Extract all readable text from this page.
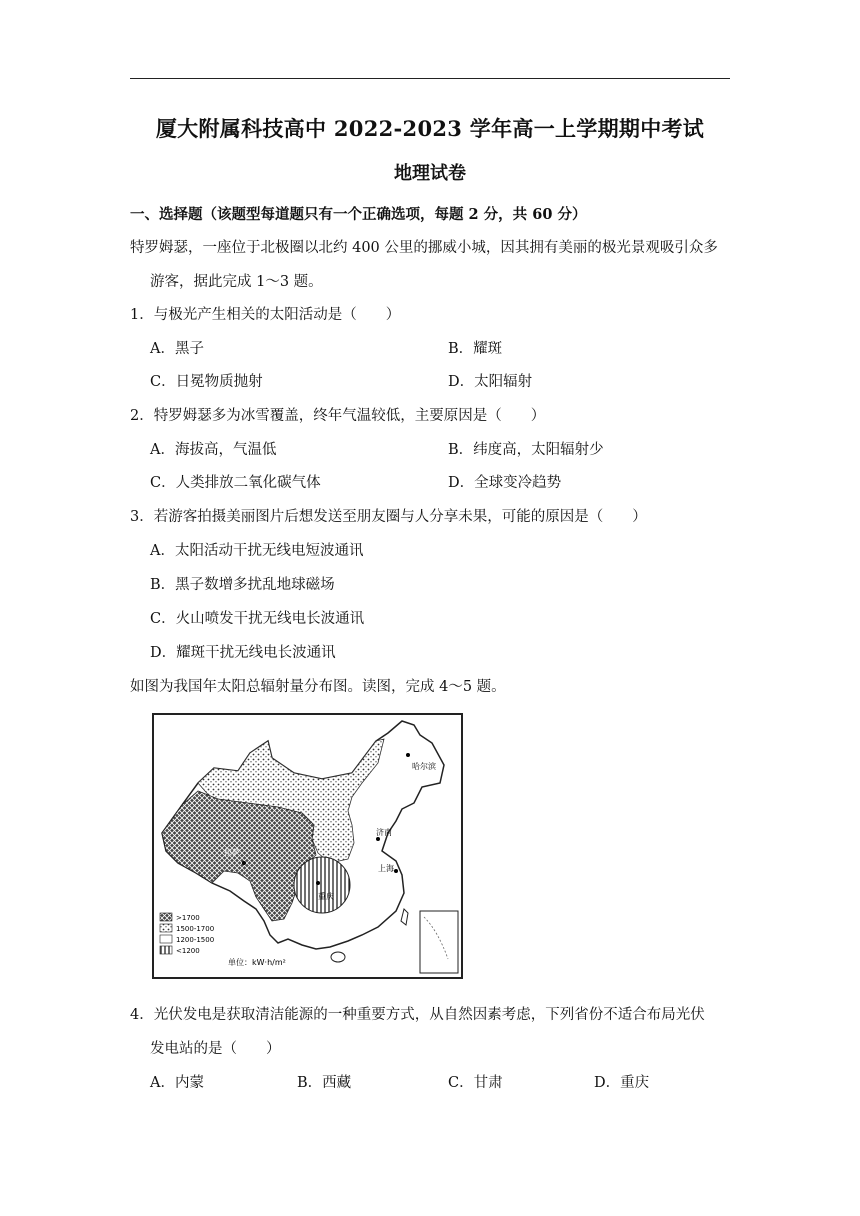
厦大附属科技高中 2022-2023 学年高一上学期期中考试
地理试卷
一、选择题（该题型每道题只有一个正确选项，每题 2 分，共 60 分）
特罗姆瑟，一座位于北极圈以北约 400 公里的挪威小城，因其拥有美丽的极光景观吸引众多
游客，据此完成 1～3 题。
1．与极光产生相关的太阳活动是（　　）
A．黑子	B．耀斑
C．日冕物质抛射	D．太阳辐射
2．特罗姆瑟多为冰雪覆盖，终年气温较低，主要原因是（　　）
A．海拔高，气温低	B．纬度高，太阳辐射少
C．人类排放二氧化碳气体	D．全球变冷趋势
3．若游客拍摄美丽图片后想发送至朋友圈与人分享未果，可能的原因是（　　）
A．太阳活动干扰无线电短波通讯
B．黑子数增多扰乱地球磁场
C．火山喷发干扰无线电长波通讯
D．耀斑干扰无线电长波通讯
如图为我国年太阳总辐射量分布图。读图，完成 4～5 题。
哈尔滨
拉萨
重庆
济南
上海
>1700
1500-1700
1200-1500
<1200
单位：kW·h/m²
4．光伏发电是获取清洁能源的一种重要方式，从自然因素考虑，下列省份不适合布局光伏
发电站的是（　　）
A．内蒙	B．西藏	C．甘肃	D．重庆
